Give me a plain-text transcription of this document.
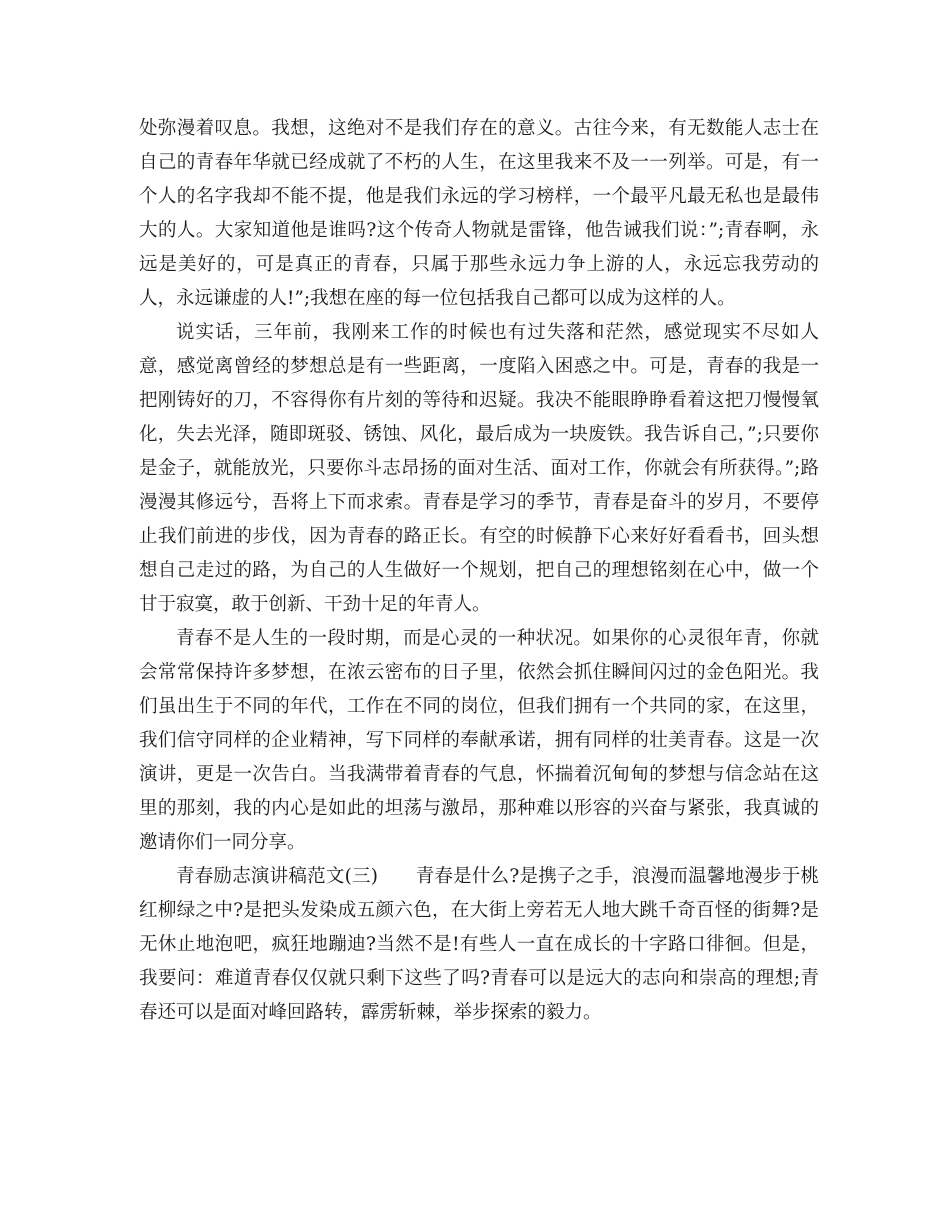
处弥漫着叹息。我想，这绝对不是我们存在的意义。古往今来，有无数能人志士在自己的青春年华就已经成就了不朽的人生，在这里我来不及一一列举。可是，有一个人的名字我却不能不提，他是我们永远的学习榜样，一个最平凡最无私也是最伟大的人。大家知道他是谁吗?这个传奇人物就是雷锋，他告诫我们说：”;青春啊，永远是美好的，可是真正的青春，只属于那些永远力争上游的人，永远忘我劳动的人，永远谦虚的人!”;我想在座的每一位包括我自己都可以成为这样的人。

说实话，三年前，我刚来工作的时候也有过失落和茫然，感觉现实不尽如人意，感觉离曾经的梦想总是有一些距离，一度陷入困惑之中。可是，青春的我是一把刚铸好的刀，不容得你有片刻的等待和迟疑。我决不能眼睁睁看着这把刀慢慢氧化，失去光泽，随即斑驳、锈蚀、风化，最后成为一块废铁。我告诉自己，”;只要你是金子，就能放光，只要你斗志昂扬的面对生活、面对工作，你就会有所获得。”;路漫漫其修远兮，吾将上下而求索。青春是学习的季节，青春是奋斗的岁月，不要停止我们前进的步伐，因为青春的路正长。有空的时候静下心来好好看看书，回头想想自己走过的路，为自己的人生做好一个规划，把自己的理想铭刻在心中，做一个甘于寂寞，敢于创新、干劲十足的年青人。

青春不是人生的一段时期，而是心灵的一种状况。如果你的心灵很年青，你就会常常保持许多梦想，在浓云密布的日子里，依然会抓住瞬间闪过的金色阳光。我们虽出生于不同的年代，工作在不同的岗位，但我们拥有一个共同的家，在这里，我们信守同样的企业精神，写下同样的奉献承诺，拥有同样的壮美青春。这是一次演讲，更是一次告白。当我满带着青春的气息，怀揣着沉甸甸的梦想与信念站在这里的那刻，我的内心是如此的坦荡与激昂，那种难以形容的兴奋与紧张，我真诚的邀请你们一同分享。

青春励志演讲稿范文(三)　　青春是什么?是携子之手，浪漫而温馨地漫步于桃红柳绿之中?是把头发染成五颜六色，在大街上旁若无人地大跳千奇百怪的街舞?是无休止地泡吧，疯狂地蹦迪?当然不是!有些人一直在成长的十字路口徘徊。但是，我要问：难道青春仅仅就只剩下这些了吗?青春可以是远大的志向和崇高的理想;青春还可以是面对峰回路转，霹雳斩棘，举步探索的毅力。
